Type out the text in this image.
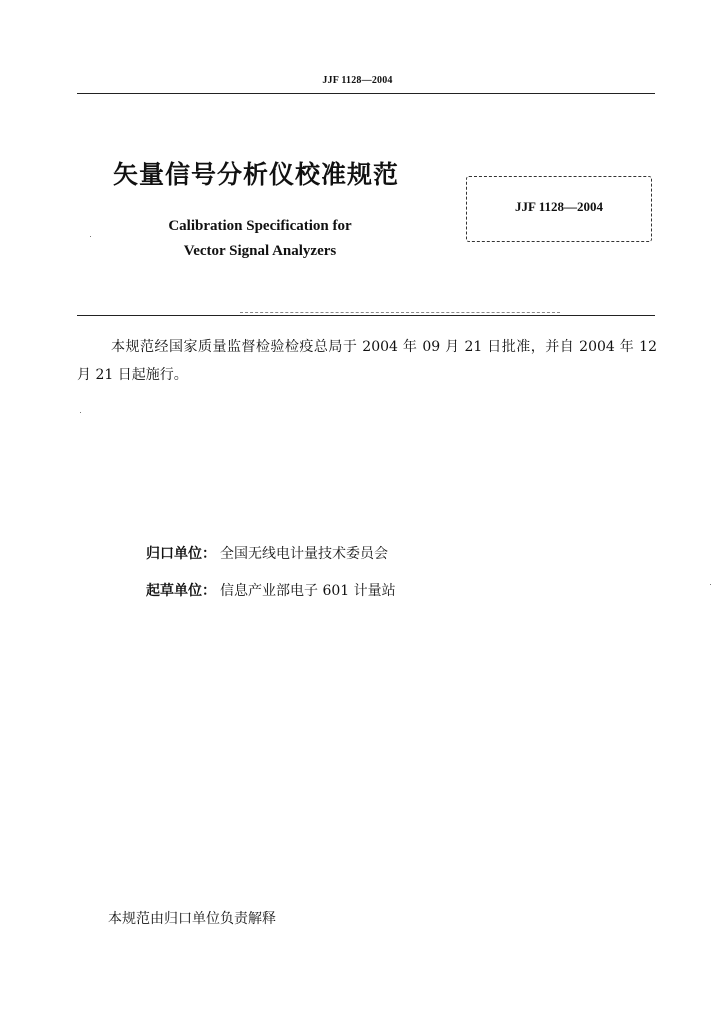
JJF 1128—2004
矢量信号分析仪校准规范
Calibration Specification for
Vector Signal Analyzers
JJF 1128—2004
本规范经国家质量监督检验检疫总局于 2004 年 09 月 21 日批准，并自 2004 年 12 月 21 日起施行。
归口单位： 全国无线电计量技术委员会
起草单位： 信息产业部电子 601 计量站
本规范由归口单位负责解释
